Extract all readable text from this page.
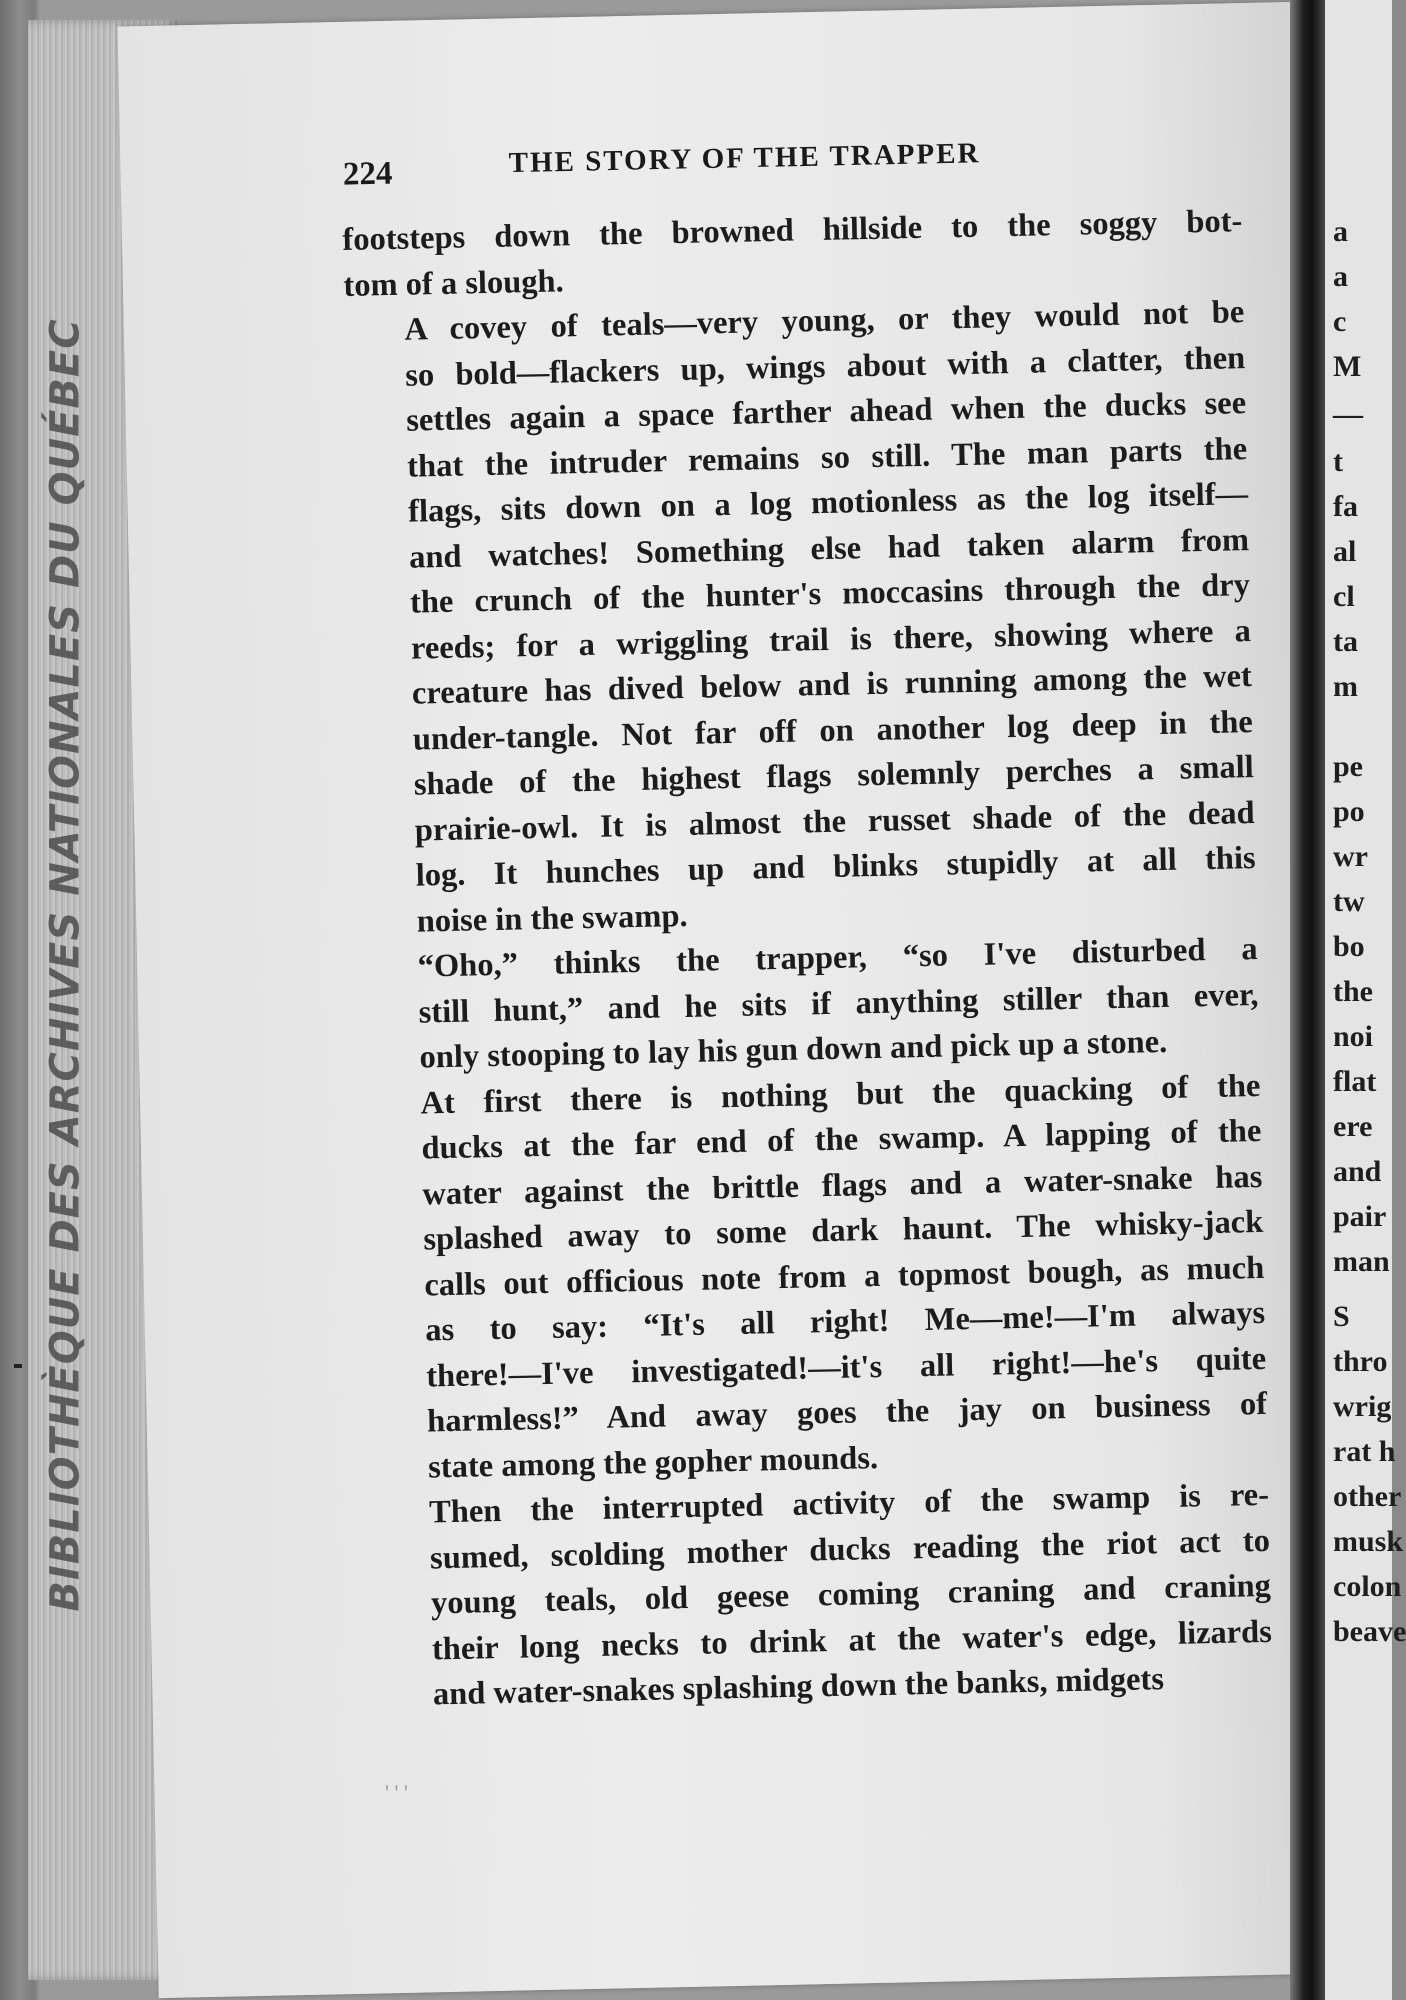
BIBLIOTHÈQUE DES ARCHIVES NATIONALES DU QUÉBEC
224	THE STORY OF THE TRAPPER

footsteps down the browned hillside to the soggy bot-
tom of a slough.

A covey of teals—very young, or they would not be
so bold—flackers up, wings about with a clatter, then
settles again a space farther ahead when the ducks see
that the intruder remains so still. The man parts the
flags, sits down on a log motionless as the log itself—
and watches! Something else had taken alarm from
the crunch of the hunter's moccasins through the dry
reeds; for a wriggling trail is there, showing where a
creature has dived below and is running among the wet
under-tangle. Not far off on another log deep in the
shade of the highest flags solemnly perches a small
prairie-owl. It is almost the russet shade of the dead
log. It hunches up and blinks stupidly at all this
noise in the swamp.

“Oho,” thinks the trapper, “so I've disturbed a
still hunt,” and he sits if anything stiller than ever,
only stooping to lay his gun down and pick up a stone.

At first there is nothing but the quacking of the
ducks at the far end of the swamp. A lapping of the
water against the brittle flags and a water-snake has
splashed away to some dark haunt. The whisky-jack
calls out officious note from a topmost bough, as much
as to say: “It's all right! Me—me!—I'm always
there!—I've investigated!—it's all right!—he's quite
harmless!” And away goes the jay on business of
state among the gopher mounds.

Then the interrupted activity of the swamp is re-
sumed, scolding mother ducks reading the riot act to
young teals, old geese coming craning and craning
their long necks to drink at the water's edge, lizards
and water-snakes splashing down the banks, midgets

' ' '
a
a
c
M
—
t
fa
al
cl
ta
m
pe
po
wr
tw
bo
the
noi
flat
ere
and
pair
man
S
thro
wrig
rat h
other
musk
colon
beave
